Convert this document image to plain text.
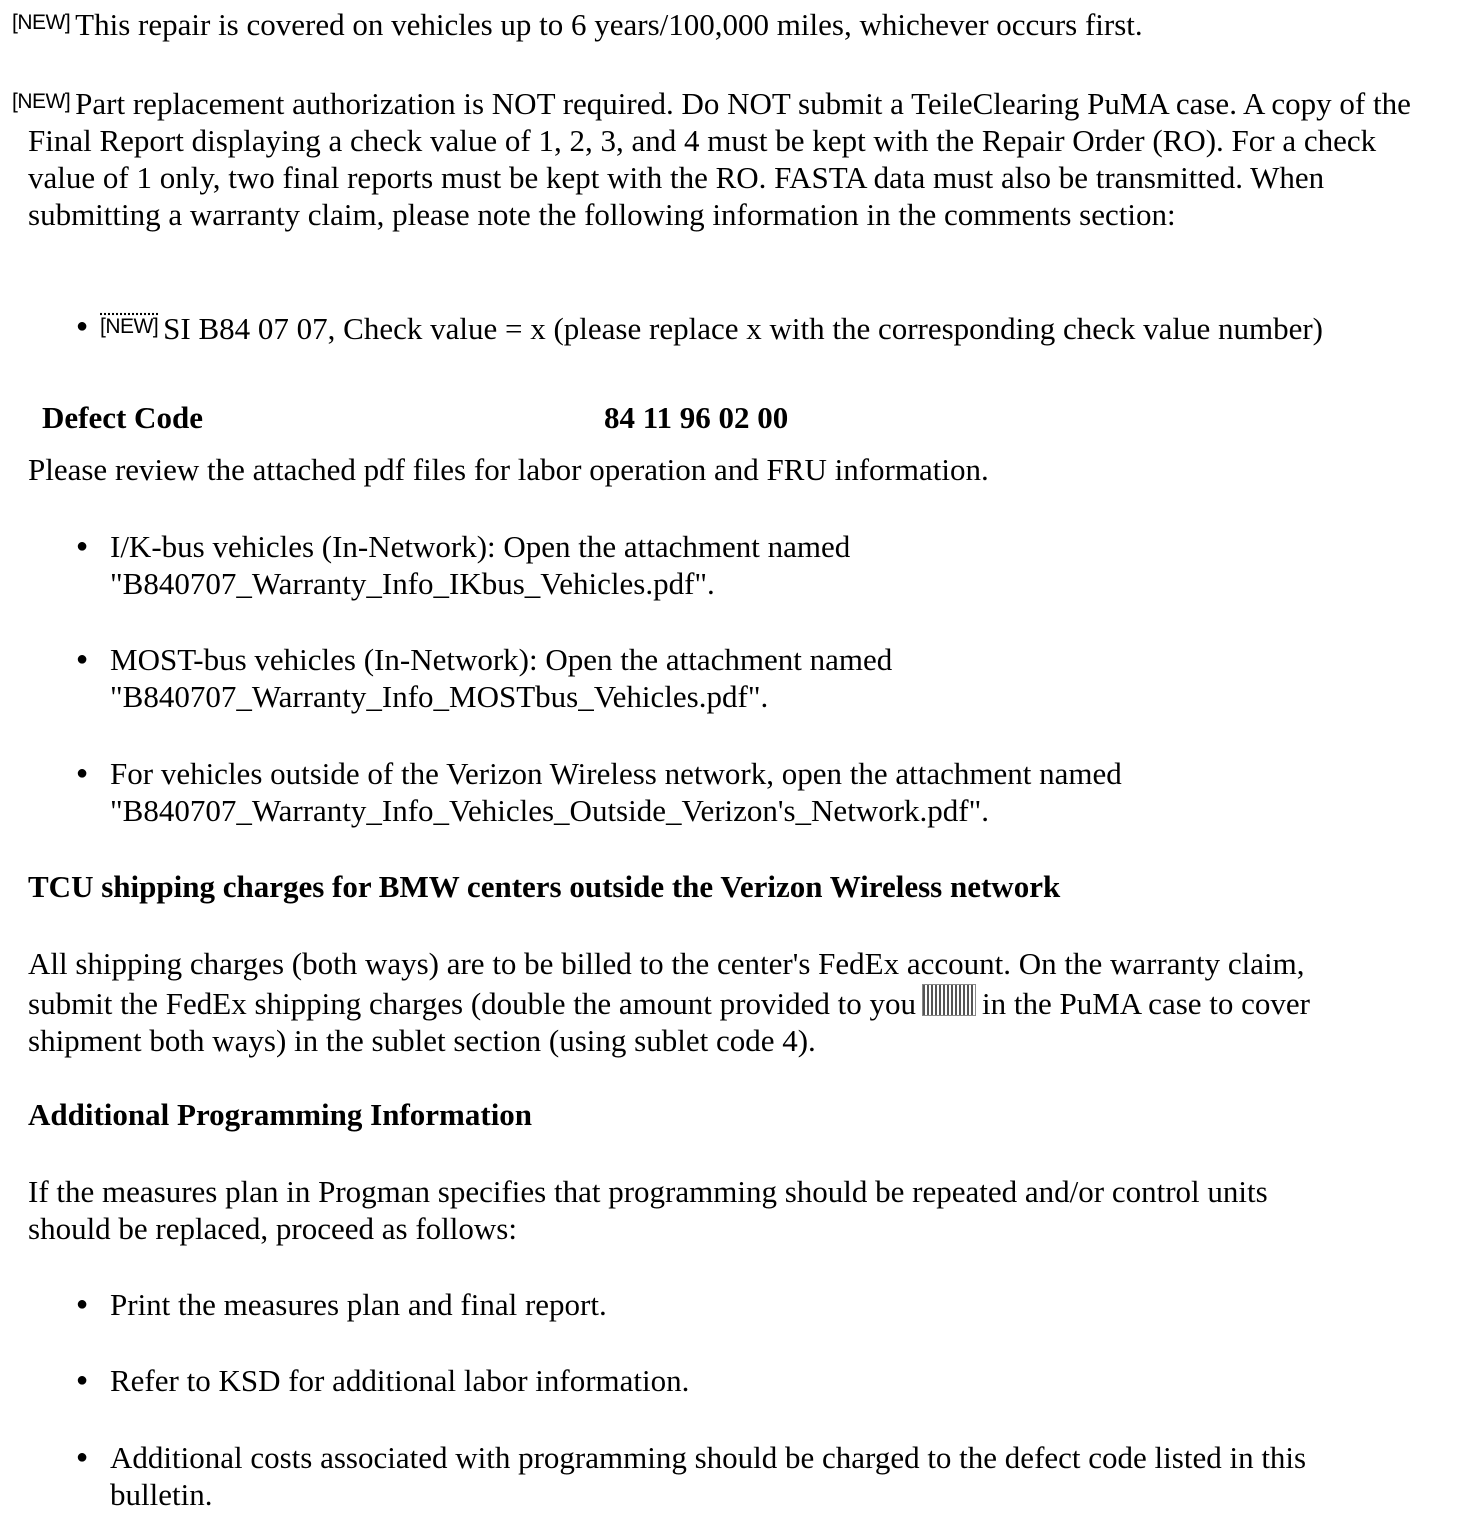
[NEW] This repair is covered on vehicles up to 6 years/100,000 miles, whichever occurs first.
[NEW] Part replacement authorization is NOT required. Do NOT submit a TeileClearing PuMA case. A copy of the Final Report displaying a check value of 1, 2, 3, and 4 must be kept with the Repair Order (RO). For a check value of 1 only, two final reports must be kept with the RO. FASTA data must also be transmitted. When submitting a warranty claim, please note the following information in the comments section:
● [NEW] SI B84 07 07, Check value = x (please replace x with the corresponding check value number)
Defect Code	84 11 96 02 00
Please review the attached pdf files for labor operation and FRU information.
● I/K-bus vehicles (In-Network): Open the attachment named
"B840707_Warranty_Info_IKbus_Vehicles.pdf".
● MOST-bus vehicles (In-Network): Open the attachment named
"B840707_Warranty_Info_MOSTbus_Vehicles.pdf".
● For vehicles outside of the Verizon Wireless network, open the attachment named
"B840707_Warranty_Info_Vehicles_Outside_Verizon's_Network.pdf".
TCU shipping charges for BMW centers outside the Verizon Wireless network
All shipping charges (both ways) are to be billed to the center's FedEx account. On the warranty claim,
submit the FedEx shipping charges (double the amount provided to you in the PuMA case to cover
shipment both ways) in the sublet section (using sublet code 4).
Additional Programming Information
If the measures plan in Progman specifies that programming should be repeated and/or control units
should be replaced, proceed as follows:
● Print the measures plan and final report.
● Refer to KSD for additional labor information.
● Additional costs associated with programming should be charged to the defect code listed in this
bulletin.
